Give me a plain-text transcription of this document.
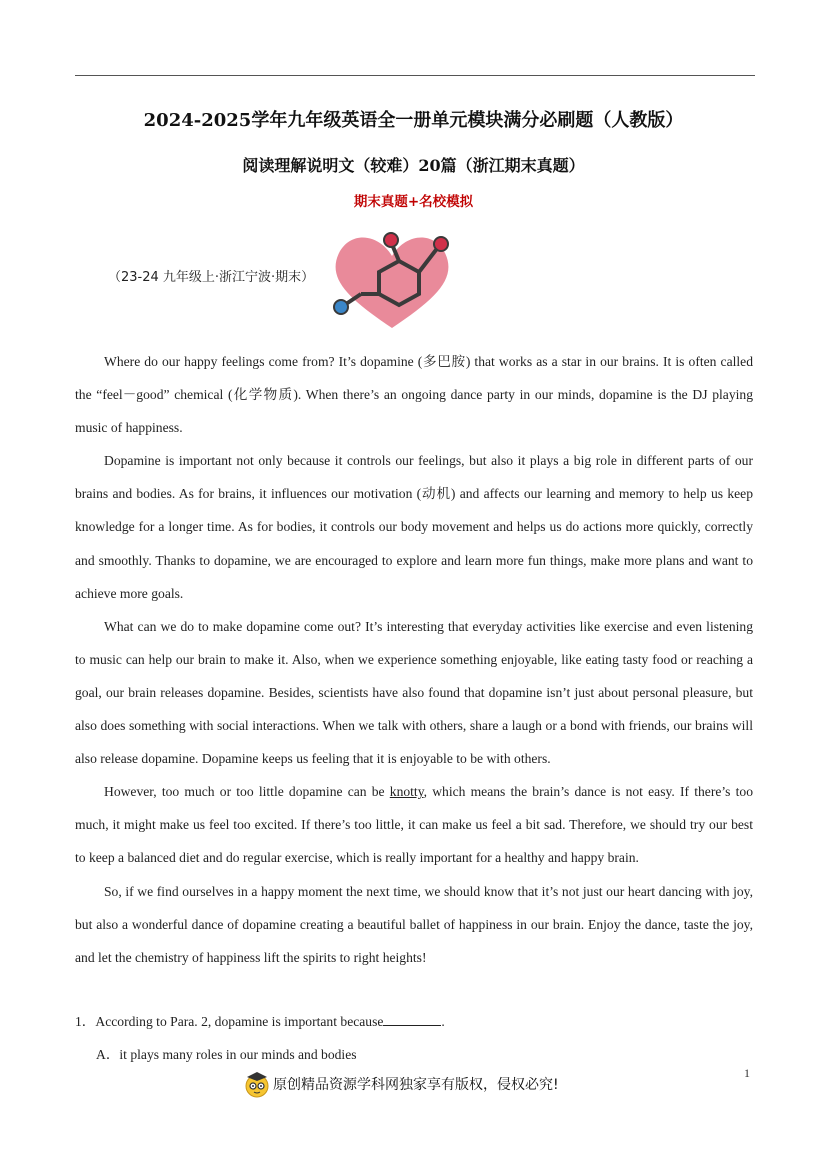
2024-2025学年九年级英语全一册单元模块满分必刷题（人教版）
阅读理解说明文（较难）20篇（浙江期末真题）
期末真题+名校模拟
（23-24 九年级上·浙江宁波·期末）

Where do our happy feelings come from? It’s dopamine (多巴胺) that works as a star in our brains. It is often called the “feel－good” chemical (化学物质). When there’s an ongoing dance party in our minds, dopamine is the DJ playing music of happiness.

Dopamine is important not only because it controls our feelings, but also it plays a big role in different parts of our brains and bodies. As for brains, it influences our motivation (动机) and affects our learning and memory to help us keep knowledge for a longer time. As for bodies, it controls our body movement and helps us do actions more quickly, correctly and smoothly. Thanks to dopamine, we are encouraged to explore and learn more fun things, make more plans and want to achieve more goals.

What can we do to make dopamine come out? It’s interesting that everyday activities like exercise and even listening to music can help our brain to make it. Also, when we experience something enjoyable, like eating tasty food or reaching a goal, our brain releases dopamine. Besides, scientists have also found that dopamine isn’t just about personal pleasure, but also does something with social interactions. When we talk with others, share a laugh or a bond with friends, our brains will also release dopamine. Dopamine keeps us feeling that it is enjoyable to be with others.

However, too much or too little dopamine can be knotty, which means the brain’s dance is not easy. If there’s too much, it might make us feel too excited. If there’s too little, it can make us feel a bit sad. Therefore, we should try our best to keep a balanced diet and do regular exercise, which is really important for a healthy and happy brain.

So, if we find ourselves in a happy moment the next time, we should know that it’s not just our heart dancing with joy, but also a wonderful dance of dopamine creating a beautiful ballet of happiness in our brain. Enjoy the dance, taste the joy, and let the chemistry of happiness lift the spirits to right heights!

1．According to Para. 2, dopamine is important because	.
A．it plays many roles in our minds and bodies
原创精品资源学科网独家享有版权，侵权必究!
1
